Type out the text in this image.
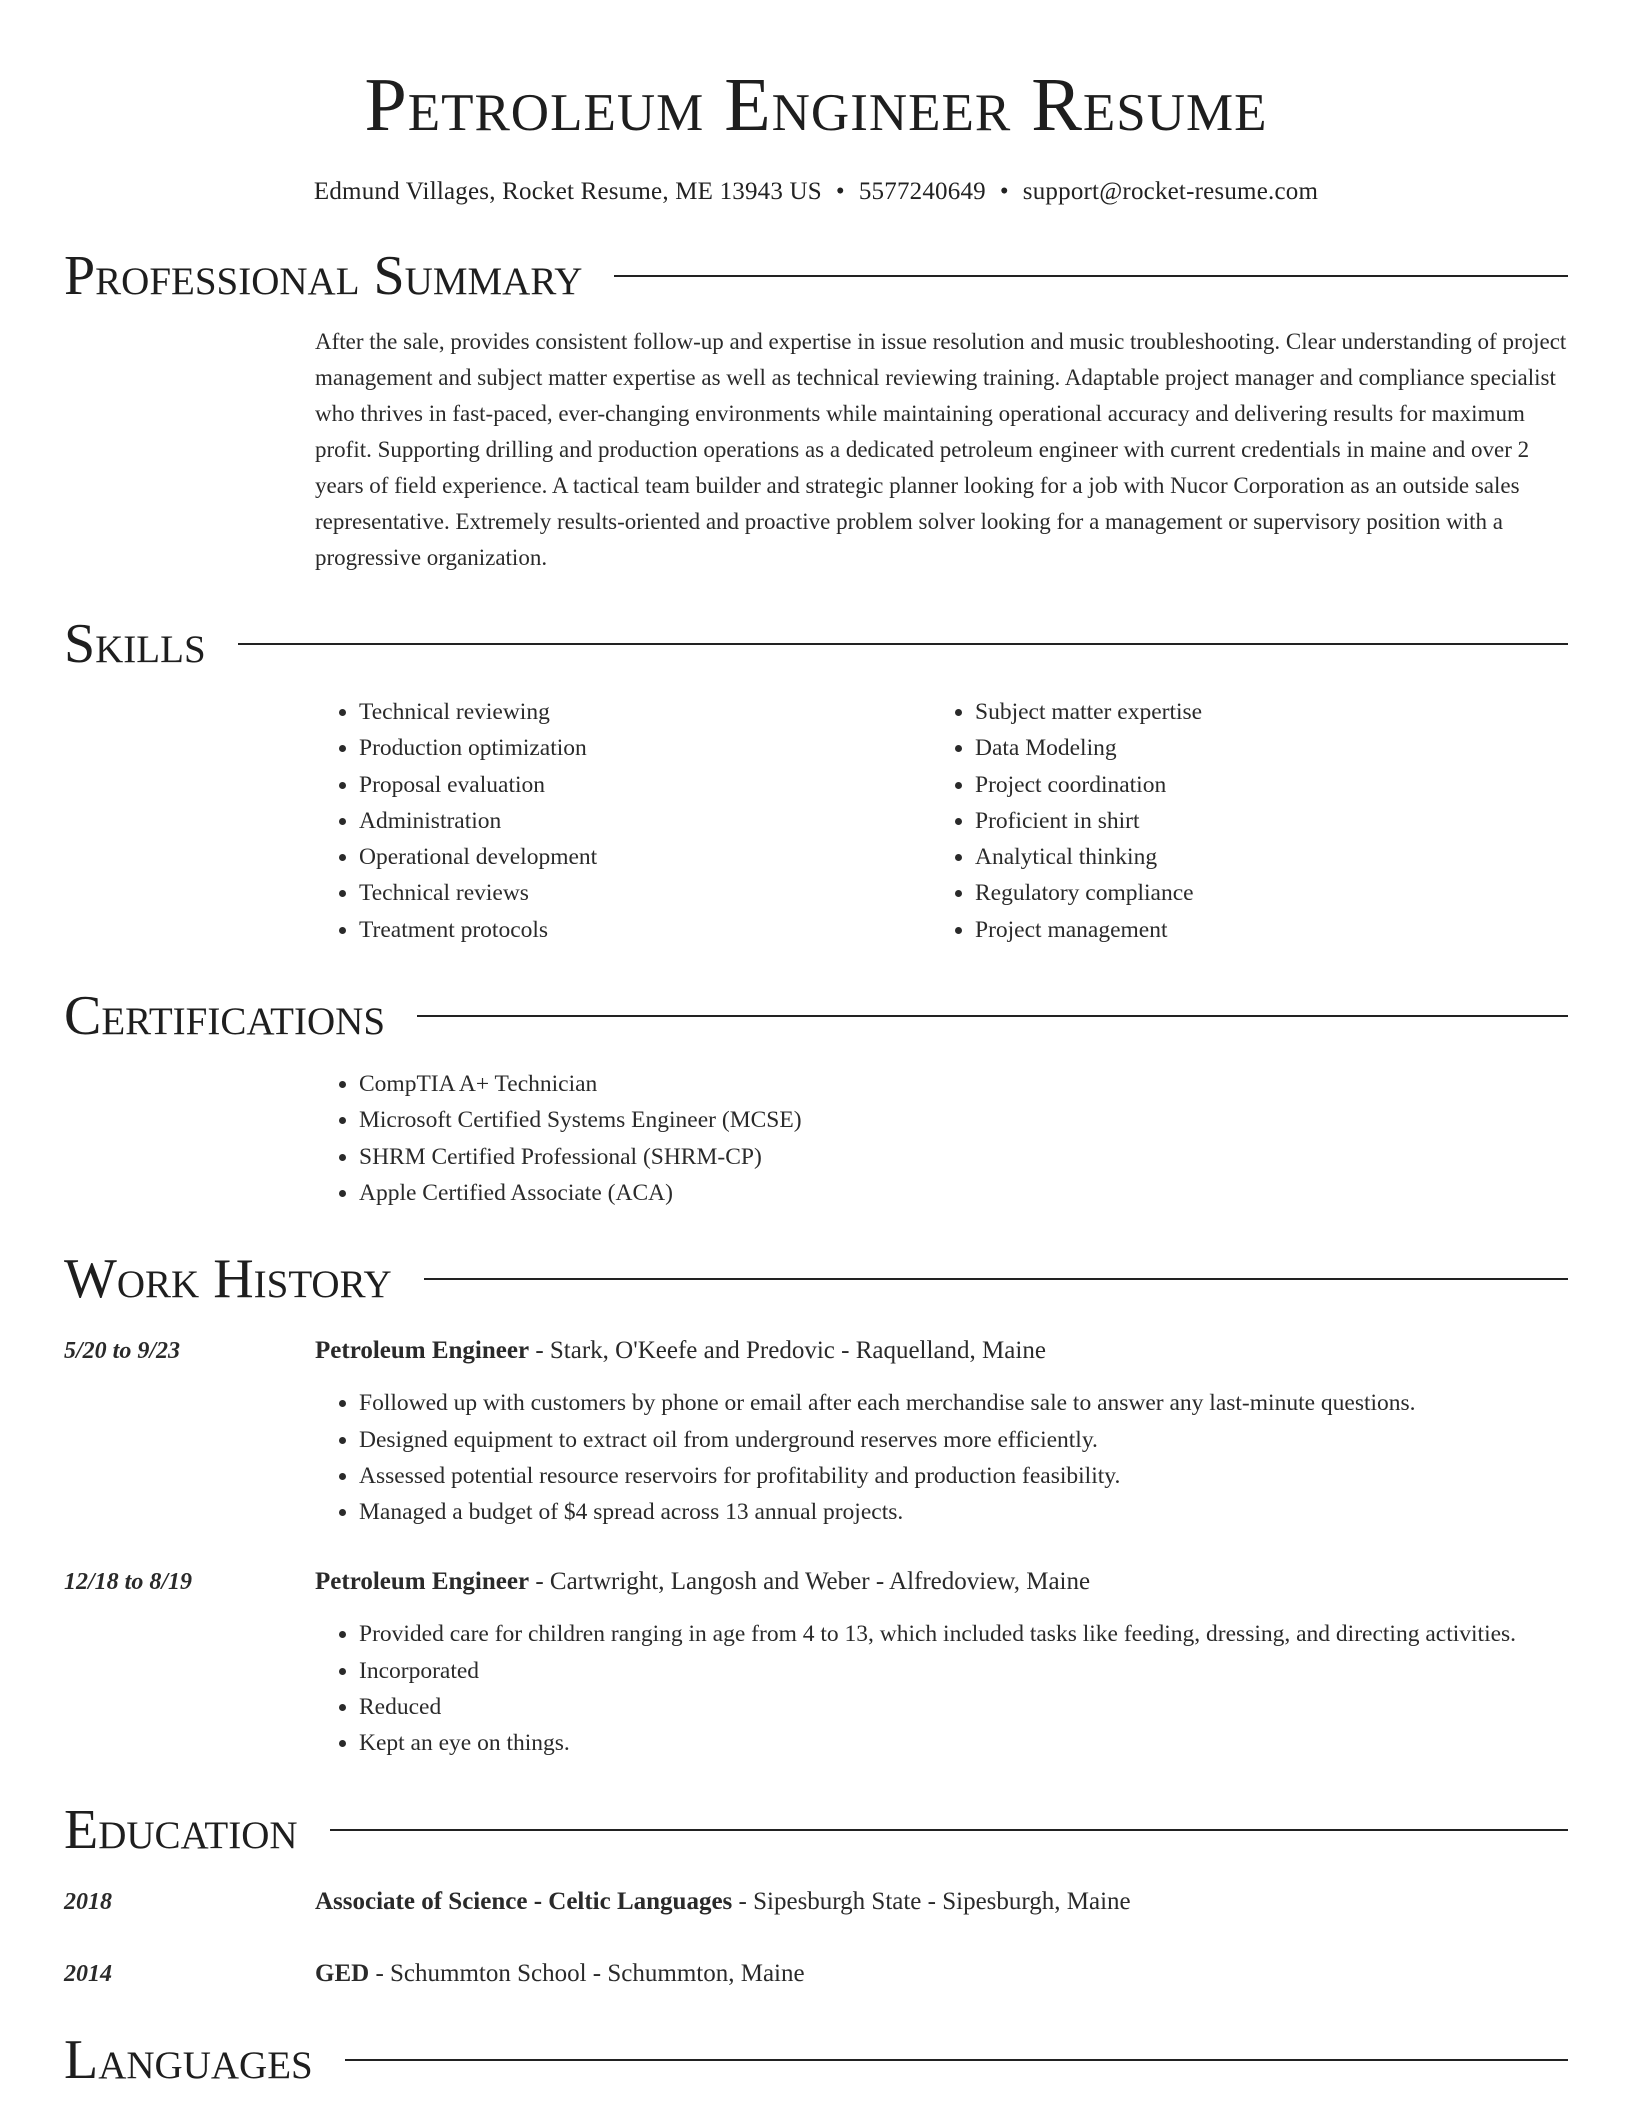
Petroleum Engineer Resume
Edmund Villages, Rocket Resume, ME 13943 US • 5577240649 • support@rocket-resume.com
Professional Summary
After the sale, provides consistent follow-up and expertise in issue resolution and music troubleshooting. Clear understanding of project management and subject matter expertise as well as technical reviewing training. Adaptable project manager and compliance specialist who thrives in fast-paced, ever-changing environments while maintaining operational accuracy and delivering results for maximum profit. Supporting drilling and production operations as a dedicated petroleum engineer with current credentials in maine and over 2 years of field experience. A tactical team builder and strategic planner looking for a job with Nucor Corporation as an outside sales representative. Extremely results-oriented and proactive problem solver looking for a management or supervisory position with a progressive organization.
Skills
• Technical reviewing
• Production optimization
• Proposal evaluation
• Administration
• Operational development
• Technical reviews
• Treatment protocols
• Subject matter expertise
• Data Modeling
• Project coordination
• Proficient in shirt
• Analytical thinking
• Regulatory compliance
• Project management
Certifications
• CompTIA A+ Technician
• Microsoft Certified Systems Engineer (MCSE)
• SHRM Certified Professional (SHRM-CP)
• Apple Certified Associate (ACA)
Work History
5/20 to 9/23	Petroleum Engineer - Stark, O'Keefe and Predovic - Raquelland, Maine
• Followed up with customers by phone or email after each merchandise sale to answer any last-minute questions.
• Designed equipment to extract oil from underground reserves more efficiently.
• Assessed potential resource reservoirs for profitability and production feasibility.
• Managed a budget of $4 spread across 13 annual projects.
12/18 to 8/19	Petroleum Engineer - Cartwright, Langosh and Weber - Alfredoview, Maine
• Provided care for children ranging in age from 4 to 13, which included tasks like feeding, dressing, and directing activities.
• Incorporated
• Reduced
• Kept an eye on things.
Education
2018	Associate of Science - Celtic Languages - Sipesburgh State - Sipesburgh, Maine
2014	GED - Schummton School - Schummton, Maine
Languages
